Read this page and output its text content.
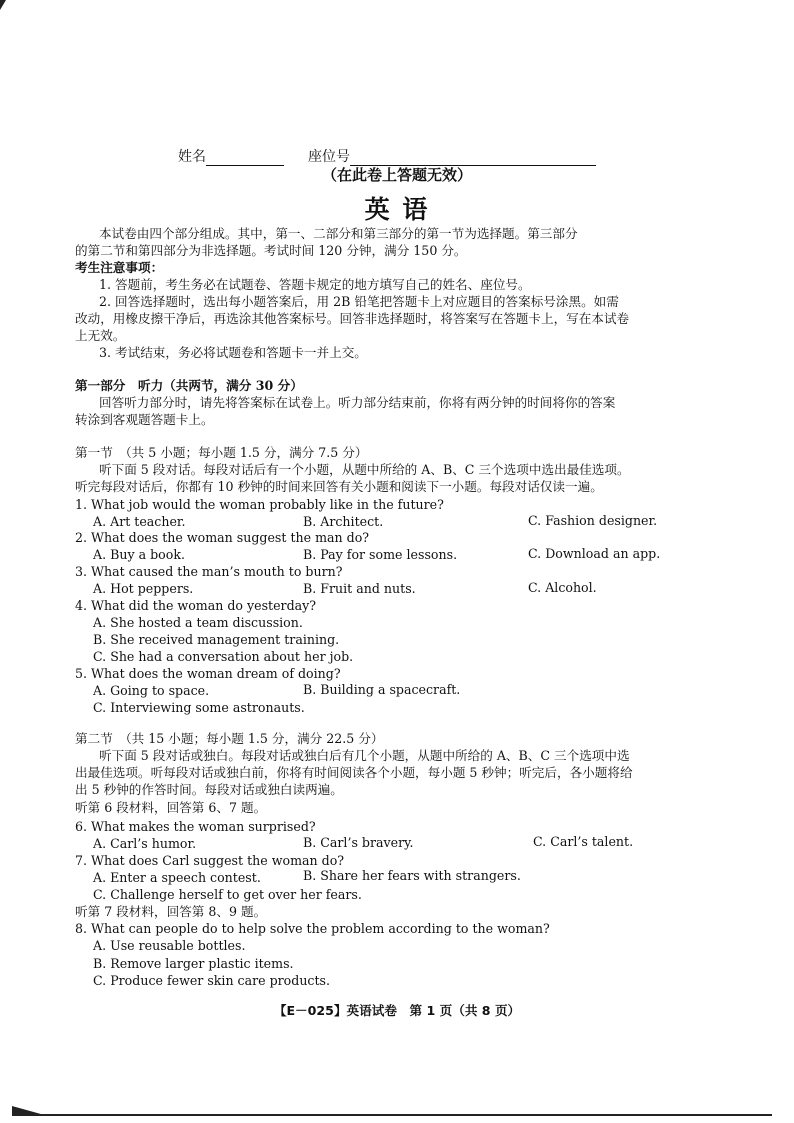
姓名	座位号
（在此卷上答题无效）
英 语
本试卷由四个部分组成。其中，第一、二部分和第三部分的第一节为选择题。第三部分
的第二节和第四部分为非选择题。考试时间 120 分钟，满分 150 分。
考生注意事项：
1. 答题前，考生务必在试题卷、答题卡规定的地方填写自己的姓名、座位号。
2. 回答选择题时，选出每小题答案后，用 2B 铅笔把答题卡上对应题目的答案标号涂黑。如需
改动，用橡皮擦干净后，再选涂其他答案标号。回答非选择题时，将答案写在答题卡上，写在本试卷
上无效。
3. 考试结束，务必将试题卷和答题卡一并上交。
第一部分　听力（共两节，满分 30 分）
回答听力部分时，请先将答案标在试卷上。听力部分结束前，你将有两分钟的时间将你的答案
转涂到客观题答题卡上。
第一节　（共 5 小题；每小题 1.5 分，满分 7.5 分）
听下面 5 段对话。每段对话后有一个小题，从题中所给的 A、B、C 三个选项中选出最佳选项。
听完每段对话后，你都有 10 秒钟的时间来回答有关小题和阅读下一小题。每段对话仅读一遍。
1. What job would the woman probably like in the future?
A. Art teacher.	B. Architect.	C. Fashion designer.
2. What does the woman suggest the man do?
A. Buy a book.	B. Pay for some lessons.	C. Download an app.
3. What caused the man’s mouth to burn?
A. Hot peppers.	B. Fruit and nuts.	C. Alcohol.
4. What did the woman do yesterday?
A. She hosted a team discussion.
B. She received management training.
C. She had a conversation about her job.
5. What does the woman dream of doing?
A. Going to space.	B. Building a spacecraft.
C. Interviewing some astronauts.
第二节　（共 15 小题；每小题 1.5 分，满分 22.5 分）
听下面 5 段对话或独白。每段对话或独白后有几个小题，从题中所给的 A、B、C 三个选项中选
出最佳选项。听每段对话或独白前，你将有时间阅读各个小题，每小题 5 秒钟；听完后，各小题将给
出 5 秒钟的作答时间。每段对话或独白读两遍。
听第 6 段材料，回答第 6、7 题。
6. What makes the woman surprised?
A. Carl’s humor.	B. Carl’s bravery.	C. Carl’s talent.
7. What does Carl suggest the woman do?
A. Enter a speech contest.	B. Share her fears with strangers.
C. Challenge herself to get over her fears.
听第 7 段材料，回答第 8、9 题。
8. What can people do to help solve the problem according to the woman?
A. Use reusable bottles.
B. Remove larger plastic items.
C. Produce fewer skin care products.
【E－025】英语试卷　第 1 页（共 8 页）
